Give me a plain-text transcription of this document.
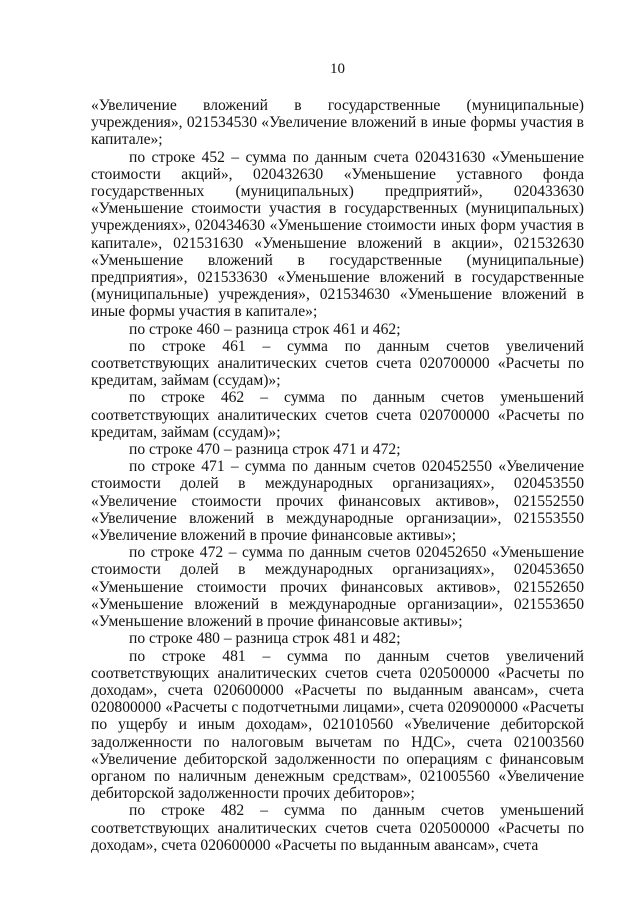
10

«Увеличение вложений в государственные (муниципальные) учреждения», 021534530 «Увеличение вложений в иные формы участия в капитале»;

по строке 452 – сумма по данным счета 020431630 «Уменьшение стоимости акций», 020432630 «Уменьшение уставного фонда государственных (муниципальных) предприятий», 020433630 «Уменьшение стоимости участия в государственных (муниципальных) учреждениях», 020434630 «Уменьшение стоимости иных форм участия в капитале», 021531630 «Уменьшение вложений в акции», 021532630 «Уменьшение вложений в государственные (муниципальные) предприятия», 021533630 «Уменьшение вложений в государственные (муниципальные) учреждения», 021534630 «Уменьшение вложений в иные формы участия в капитале»;

по строке 460 – разница строк 461 и 462;

по строке 461 – сумма по данным счетов увеличений соответствующих аналитических счетов счета 020700000 «Расчеты по кредитам, займам (ссудам)»;

по строке 462 – сумма по данным счетов уменьшений соответствующих аналитических счетов счета 020700000 «Расчеты по кредитам, займам (ссудам)»;

по строке 470 – разница строк 471 и 472;

по строке 471 – сумма по данным счетов 020452550 «Увеличение стоимости долей в международных организациях», 020453550 «Увеличение стоимости прочих финансовых активов», 021552550 «Увеличение вложений в международные организации», 021553550 «Увеличение вложений в прочие финансовые активы»;

по строке 472 – сумма по данным счетов 020452650 «Уменьшение стоимости долей в международных организациях», 020453650 «Уменьшение стоимости прочих финансовых активов», 021552650 «Уменьшение вложений в международные организации», 021553650 «Уменьшение вложений в прочие финансовые активы»;

по строке 480 – разница строк 481 и 482;

по строке 481 – сумма по данным счетов увеличений соответствующих аналитических счетов счета 020500000 «Расчеты по доходам», счета 020600000 «Расчеты по выданным авансам», счета 020800000 «Расчеты с подотчетными лицами», счета 020900000 «Расчеты по ущербу и иным доходам», 021010560 «Увеличение дебиторской задолженности по налоговым вычетам по НДС», счета 021003560 «Увеличение дебиторской задолженности по операциям с финансовым органом по наличным денежным средствам», 021005560 «Увеличение дебиторской задолженности прочих дебиторов»;

по строке 482 – сумма по данным счетов уменьшений соответствующих аналитических счетов счета 020500000 «Расчеты по доходам», счета 020600000 «Расчеты по выданным авансам», счета
